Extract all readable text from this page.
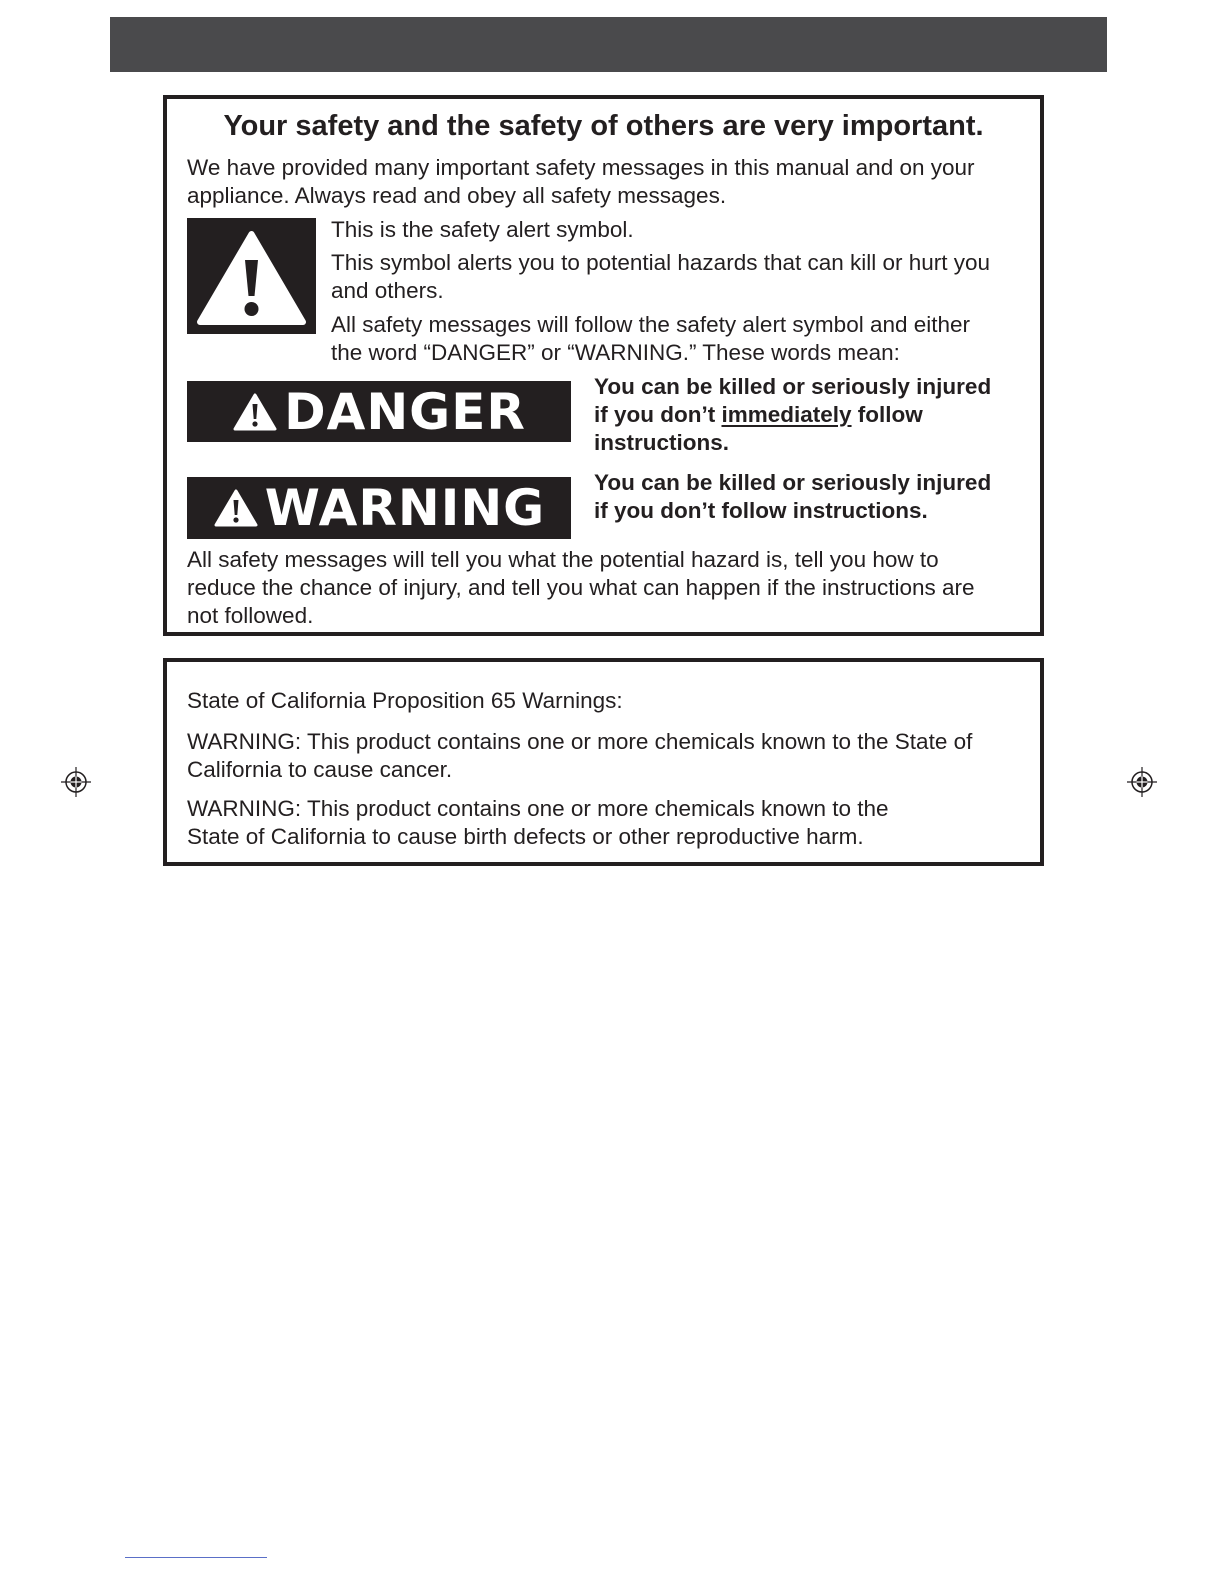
Your safety and the safety of others are very important.

We have provided many important safety messages in this manual and on your

appliance. Always read and obey all safety messages.

This is the safety alert symbol.

This symbol alerts you to potential hazards that can kill or hurt you

and others.

All safety messages will follow the safety alert symbol and either

the word “DANGER” or “WARNING.” These words mean:

DANGER	You can be killed or seriously injured
if you don’t immediately follow
instructions.
WARNING You can be killed or seriously injured
if you don’t follow instructions.

All safety messages will tell you what the potential hazard is, tell you how to

reduce the chance of injury, and tell you what can happen if the instructions are

not followed.

State of California Proposition 65 Warnings:

WARNING: This product contains one or more chemicals known to the State of

California to cause cancer.

WARNING: This product contains one or more chemicals known to the

State of California to cause birth defects or other reproductive harm.
